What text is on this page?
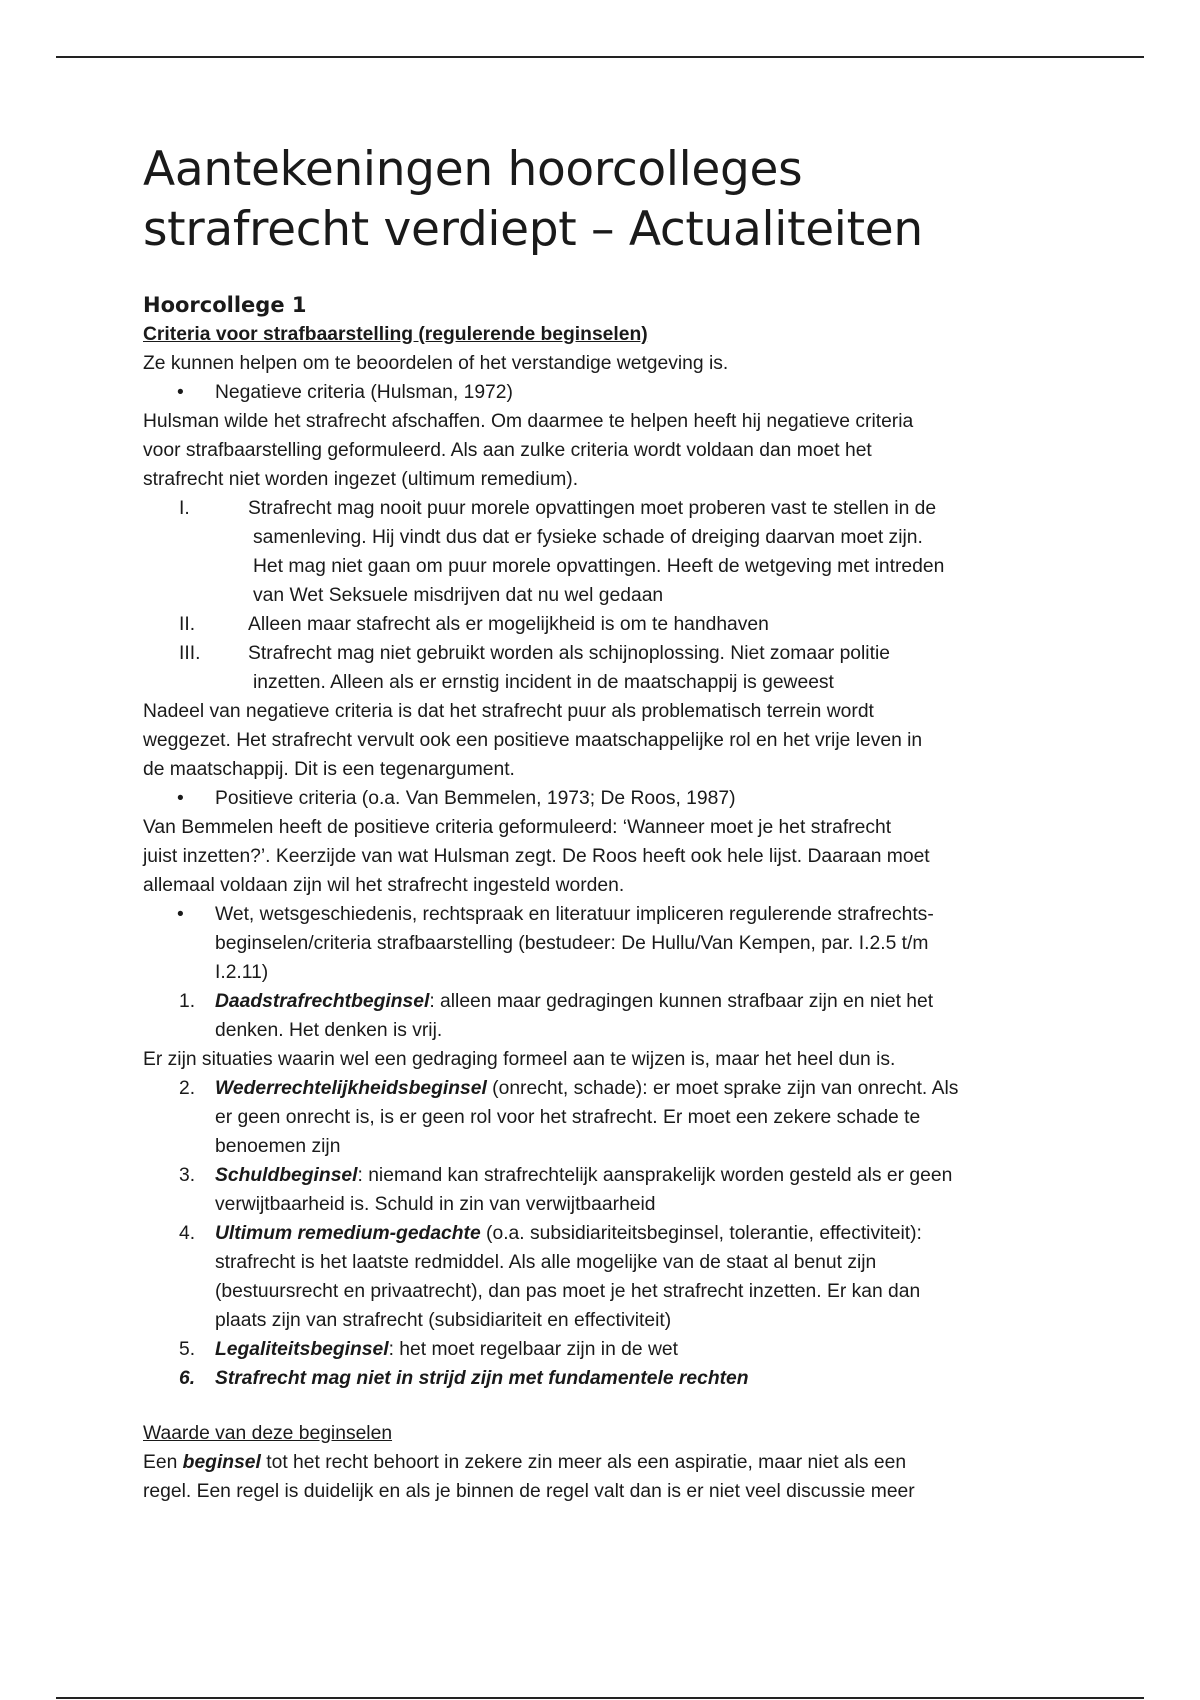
Aantekeningen hoorcolleges
strafrecht verdiept – Actualiteiten
Hoorcollege 1

Criteria voor strafbaarstelling (regulerende beginselen)

Ze kunnen helpen om te beoordelen of het verstandige wetgeving is.

•	Negatieve criteria (Hulsman, 1972)

Hulsman wilde het strafrecht afschaffen. Om daarmee te helpen heeft hij negatieve criteria

voor strafbaarstelling geformuleerd. Als aan zulke criteria wordt voldaan dan moet het

strafrecht niet worden ingezet (ultimum remedium).

I.	Strafrecht mag nooit puur morele opvattingen moet proberen vast te stellen in de

samenleving. Hij vindt dus dat er fysieke schade of dreiging daarvan moet zijn.

Het mag niet gaan om puur morele opvattingen. Heeft de wetgeving met intreden

van Wet Seksuele misdrijven dat nu wel gedaan

II.	Alleen maar stafrecht als er mogelijkheid is om te handhaven

III.	Strafrecht mag niet gebruikt worden als schijnoplossing. Niet zomaar politie

inzetten. Alleen als er ernstig incident in de maatschappij is geweest

Nadeel van negatieve criteria is dat het strafrecht puur als problematisch terrein wordt

weggezet. Het strafrecht vervult ook een positieve maatschappelijke rol en het vrije leven in

de maatschappij. Dit is een tegenargument.

•	Positieve criteria (o.a. Van Bemmelen, 1973; De Roos, 1987)

Van Bemmelen heeft de positieve criteria geformuleerd: ‘Wanneer moet je het strafrecht

juist inzetten?’. Keerzijde van wat Hulsman zegt. De Roos heeft ook hele lijst. Daaraan moet

allemaal voldaan zijn wil het strafrecht ingesteld worden.

•	Wet, wetsgeschiedenis, rechtspraak en literatuur impliceren regulerende strafrechts-

beginselen/criteria strafbaarstelling (bestudeer: De Hullu/Van Kempen, par. I.2.5 t/m

I.2.11)

1.	Daadstrafrechtbeginsel: alleen maar gedragingen kunnen strafbaar zijn en niet het

denken. Het denken is vrij.

Er zijn situaties waarin wel een gedraging formeel aan te wijzen is, maar het heel dun is.

2.	Wederrechtelijkheidsbeginsel (onrecht, schade): er moet sprake zijn van onrecht. Als

er geen onrecht is, is er geen rol voor het strafrecht. Er moet een zekere schade te

benoemen zijn

3.	Schuldbeginsel: niemand kan strafrechtelijk aansprakelijk worden gesteld als er geen

verwijtbaarheid is. Schuld in zin van verwijtbaarheid

4.	Ultimum remedium-gedachte (o.a. subsidiariteitsbeginsel, tolerantie, effectiviteit):

strafrecht is het laatste redmiddel. Als alle mogelijke van de staat al benut zijn

(bestuursrecht en privaatrecht), dan pas moet je het strafrecht inzetten. Er kan dan

plaats zijn van strafrecht (subsidiariteit en effectiviteit)

5.	Legaliteitsbeginsel: het moet regelbaar zijn in de wet

6.	Strafrecht mag niet in strijd zijn met fundamentele rechten

Waarde van deze beginselen

Een beginsel tot het recht behoort in zekere zin meer als een aspiratie, maar niet als een

regel. Een regel is duidelijk en als je binnen de regel valt dan is er niet veel discussie meer
